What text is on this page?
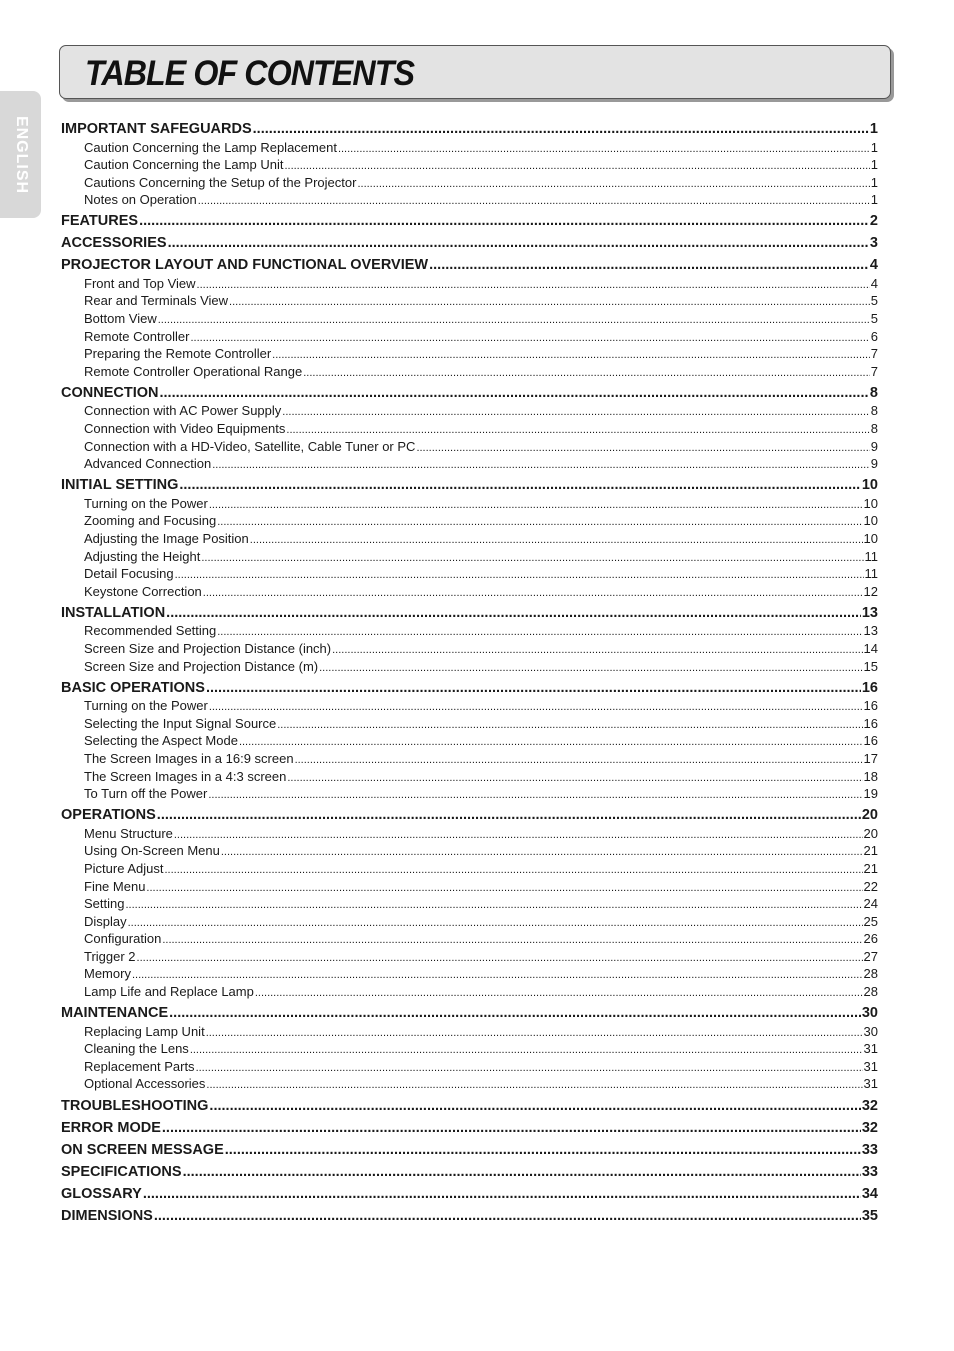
ENGLISH
TABLE OF CONTENTS
IMPORTANT SAFEGUARDS .....	1
Caution Concerning the Lamp Replacement .....	1
Caution Concerning the Lamp Unit .....	1
Cautions Concerning the Setup of the Projector .....	1
Notes on Operation .....	1
FEATURES .....	2
ACCESSORIES .....	3
PROJECTOR LAYOUT AND FUNCTIONAL OVERVIEW .....	4
Front and Top View .....	4
Rear and Terminals View .....	5
Bottom View .....	5
Remote Controller .....	6
Preparing the Remote Controller .....	7
Remote Controller Operational Range .....	7
CONNECTION .....	8
Connection with AC Power Supply .....	8
Connection with Video Equipments .....	8
Connection with a HD-Video, Satellite, Cable Tuner or PC .....	9
Advanced Connection .....	9
INITIAL SETTING .....	10
Turning on the Power .....	10
Zooming and Focusing .....	10
Adjusting the Image Position .....	10
Adjusting the Height .....	11
Detail Focusing .....	11
Keystone Correction .....	12
INSTALLATION .....	13
Recommended Setting .....	13
Screen Size and Projection Distance (inch) .....	14
Screen Size and Projection Distance (m) .....	15
BASIC OPERATIONS .....	16
Turning on the Power .....	16
Selecting the Input Signal Source .....	16
Selecting the Aspect Mode .....	16
The Screen Images in a 16:9 screen .....	17
The Screen Images in a 4:3 screen .....	18
To Turn off the Power .....	19
OPERATIONS .....	20
Menu Structure .....	20
Using On-Screen Menu .....	21
Picture Adjust .....	21
Fine Menu .....	22
Setting .....	24
Display .....	25
Configuration .....	26
Trigger 2 .....	27
Memory .....	28
Lamp Life and Replace Lamp .....	28
MAINTENANCE .....	30
Replacing Lamp Unit .....	30
Cleaning the Lens .....	31
Replacement Parts .....	31
Optional Accessories .....	31
TROUBLESHOOTING .....	32
ERROR MODE .....	32
ON SCREEN MESSAGE .....	33
SPECIFICATIONS .....	33
GLOSSARY .....	34
DIMENSIONS .....	35
